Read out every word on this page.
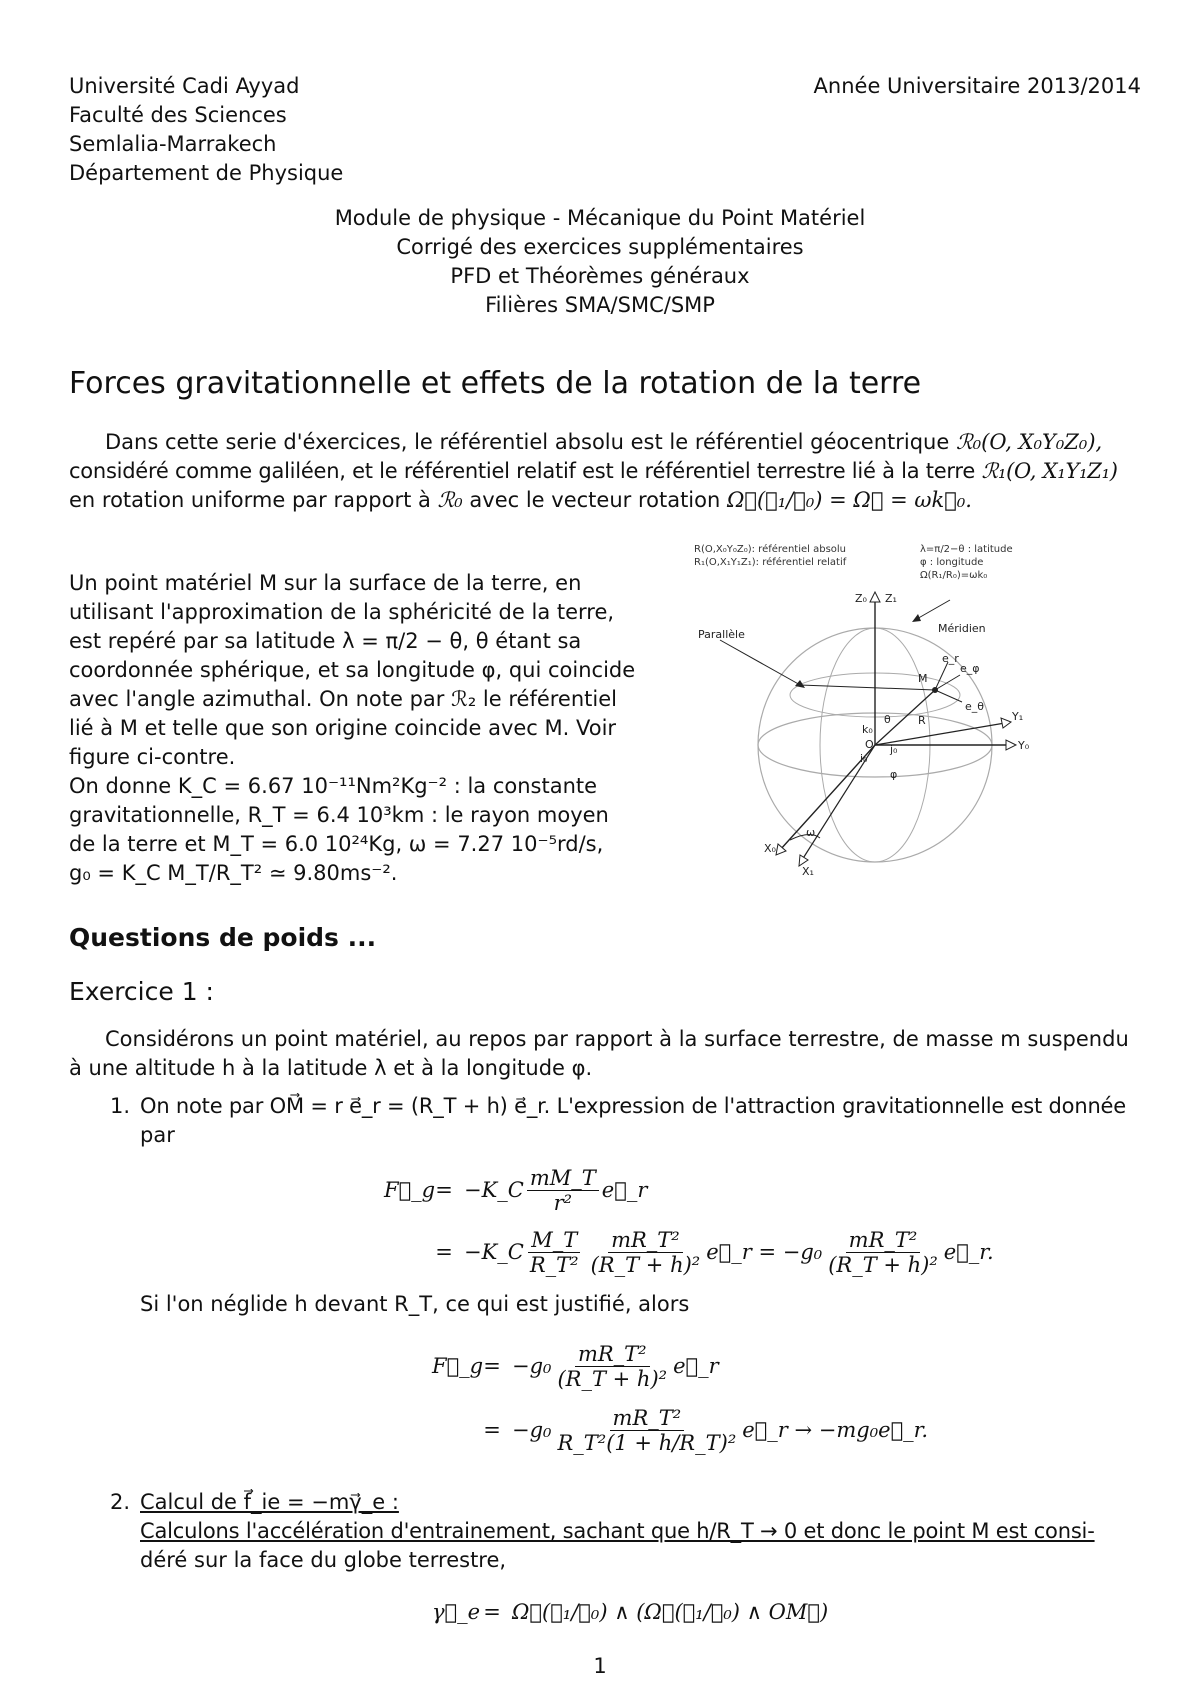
Université Cadi Ayyad
Faculté des Sciences
Semlalia-Marrakech
Département de Physique
Année Universitaire 2013/2014
Module de physique - Mécanique du Point Matériel
Corrigé des exercices supplémentaires
PFD et Théorèmes généraux
Filières SMA/SMC/SMP
Forces gravitationnelle et effets de la rotation de la terre
Dans cette serie d'éxercices, le référentiel absolu est le référentiel géocentrique ℛ₀(O, X₀Y₀Z₀),
considéré comme galiléen, et le référentiel relatif est le référentiel terrestre lié à la terre ℛ₁(O, X₁Y₁Z₁)
en rotation uniforme par rapport à ℛ₀ avec le vecteur rotation Ω⃗(ℛ₁/ℛ₀) = Ω⃗ = ωk⃗₀.
Un point matériel M sur la surface de la terre, en
utilisant l'approximation de la sphéricité de la terre,
est repéré par sa latitude λ = π/2 − θ, θ étant sa
coordonnée sphérique, et sa longitude φ, qui coincide
avec l'angle azimuthal. On note par ℛ₂ le référentiel
lié à M et telle que son origine coincide avec M. Voir
figure ci-contre.
On donne K_C = 6.67 10⁻¹¹Nm²Kg⁻² : la constante
gravitationnelle, R_T = 6.4 10³km : le rayon moyen
de la terre et M_T = 6.0 10²⁴Kg, ω = 7.27 10⁻⁵rd/s,
g₀ = K_C M_T/R_T² ≃ 9.80ms⁻².
R(O,X₀Y₀Z₀): référentiel absolu
R₁(O,X₁Y₁Z₁): référentiel relatif
λ=π/2−θ : latitude
φ : longitude
Ω(R₁/R₀)=ωk₀
Z₀ Z₁
Méridien
Parallèle
M
e_r
e_θ
e_φ
Y₁
Y₀
X₀
X₁
R
θ
φ
k₀
i₀
j₀
O
ω
Questions de poids ...
Exercice 1 :
Considérons un point matériel, au repos par rapport à la surface terrestre, de masse m suspendu
à une altitude h à la latitude λ et à la longitude φ.
1. On note par OM⃗ = r e⃗_r = (R_T + h) e⃗_r. L'expression de l'attraction gravitationnelle est donnée
par
F⃗_g = −K_C $\frac{mM\_T}{\text{r²}}$ e⃗_r
= −K_C $\frac{M\_T}{\text{R\_T²}} \frac{\text{mR\_T²}}{\text{(R\_T + h)²}}$ e⃗_r = $-g_0 \frac{\text{mR\_T²}}{\text{(R\_T + h)²}}$ e⃗_r.
Si l'on néglide h devant R_T, ce qui est justifié, alors
F⃗_g = $-g_0 \frac{\text{mR\_T²}}{\text{(R\_T + h)²}}$ e⃗_r
= $-g_0 \frac{\text{mR\_T²}}{\text{R\_T²(1 + h/R\_T)²}}$ e⃗_r → −mg₀e⃗_r.
2. Calcul de f⃗_ie = −mγ⃗_e :
Calculons l'accélération d'entrainement, sachant que h/R_T → 0 et donc le point M est consi-
déré sur la face du globe terrestre,
γ⃗_e = Ω⃗(ℛ₁/ℛ₀) ∧ (Ω⃗(ℛ₁/ℛ₀) ∧ OM⃗)
1
